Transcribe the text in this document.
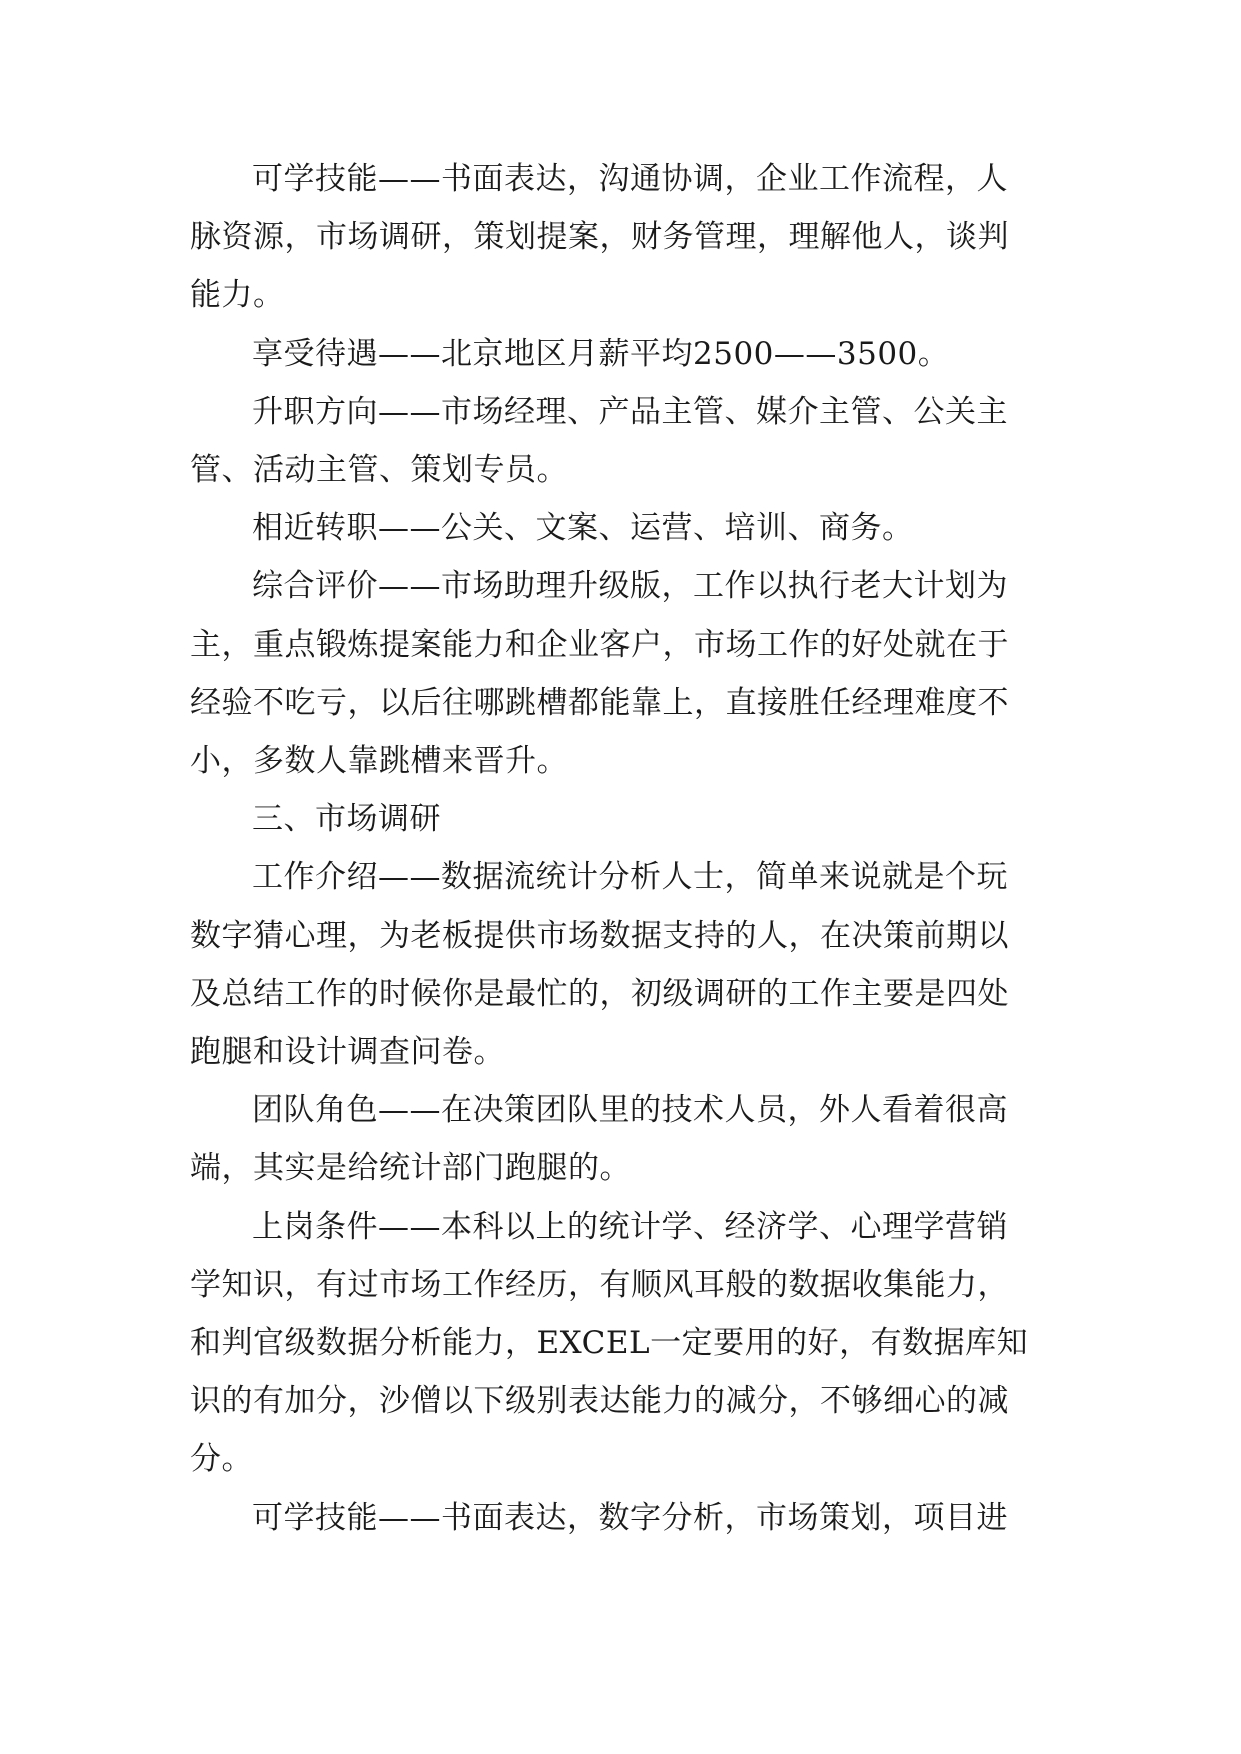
可学技能——书面表达，沟通协调，企业工作流程，人
脉资源，市场调研，策划提案，财务管理，理解他人，谈判
能力。

享受待遇——北京地区月薪平均2500——3500。

升职方向——市场经理、产品主管、媒介主管、公关主
管、活动主管、策划专员。

相近转职——公关、文案、运营、培训、商务。

综合评价——市场助理升级版，工作以执行老大计划为
主，重点锻炼提案能力和企业客户，市场工作的好处就在于
经验不吃亏，以后往哪跳槽都能靠上，直接胜任经理难度不
小，多数人靠跳槽来晋升。

三、市场调研

工作介绍——数据流统计分析人士，简单来说就是个玩
数字猜心理，为老板提供市场数据支持的人，在决策前期以
及总结工作的时候你是最忙的，初级调研的工作主要是四处
跑腿和设计调查问卷。

团队角色——在决策团队里的技术人员，外人看着很高
端，其实是给统计部门跑腿的。

上岗条件——本科以上的统计学、经济学、心理学营销
学知识，有过市场工作经历，有顺风耳般的数据收集能力，
和判官级数据分析能力，EXCEL一定要用的好，有数据库知
识的有加分，沙僧以下级别表达能力的减分，不够细心的减
分。

可学技能——书面表达，数字分析，市场策划，项目进
